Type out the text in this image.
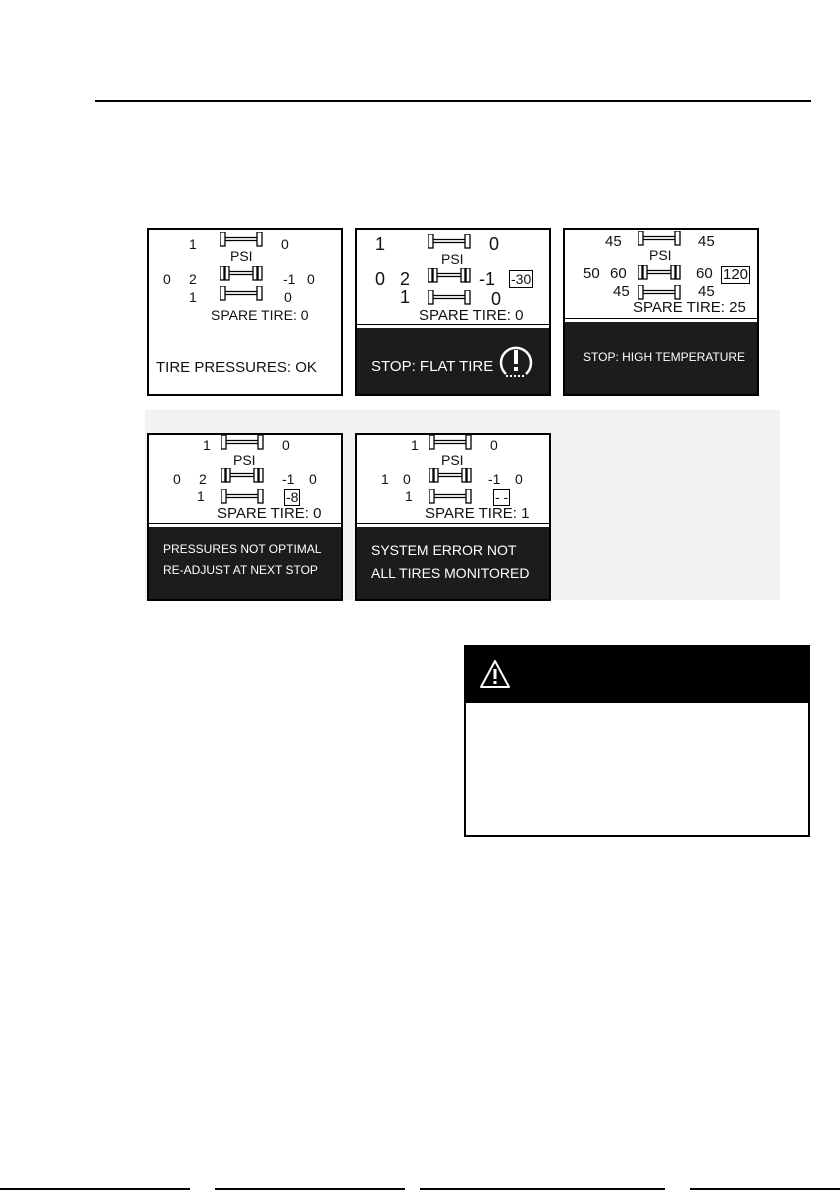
1	0
PSI
0 2	-1 0
1	0
SPARE TIRE: 0
TIRE PRESSURES: OK
1	0
PSI
0 2	-1 -30
1	0
SPARE TIRE: 0
STOP: FLAT TIRE
45	45
PSI
50 60	60 120
45	45
SPARE TIRE: 25
STOP: HIGH TEMPERATURE
1	0
PSI
0 2	-1 0
1	-8
SPARE TIRE: 0
PRESSURES NOT OPTIMAL
RE-ADJUST AT NEXT STOP
1	0
PSI
1 0	-1 0
1	- -
SPARE TIRE: 1
SYSTEM ERROR NOT
ALL TIRES MONITORED
